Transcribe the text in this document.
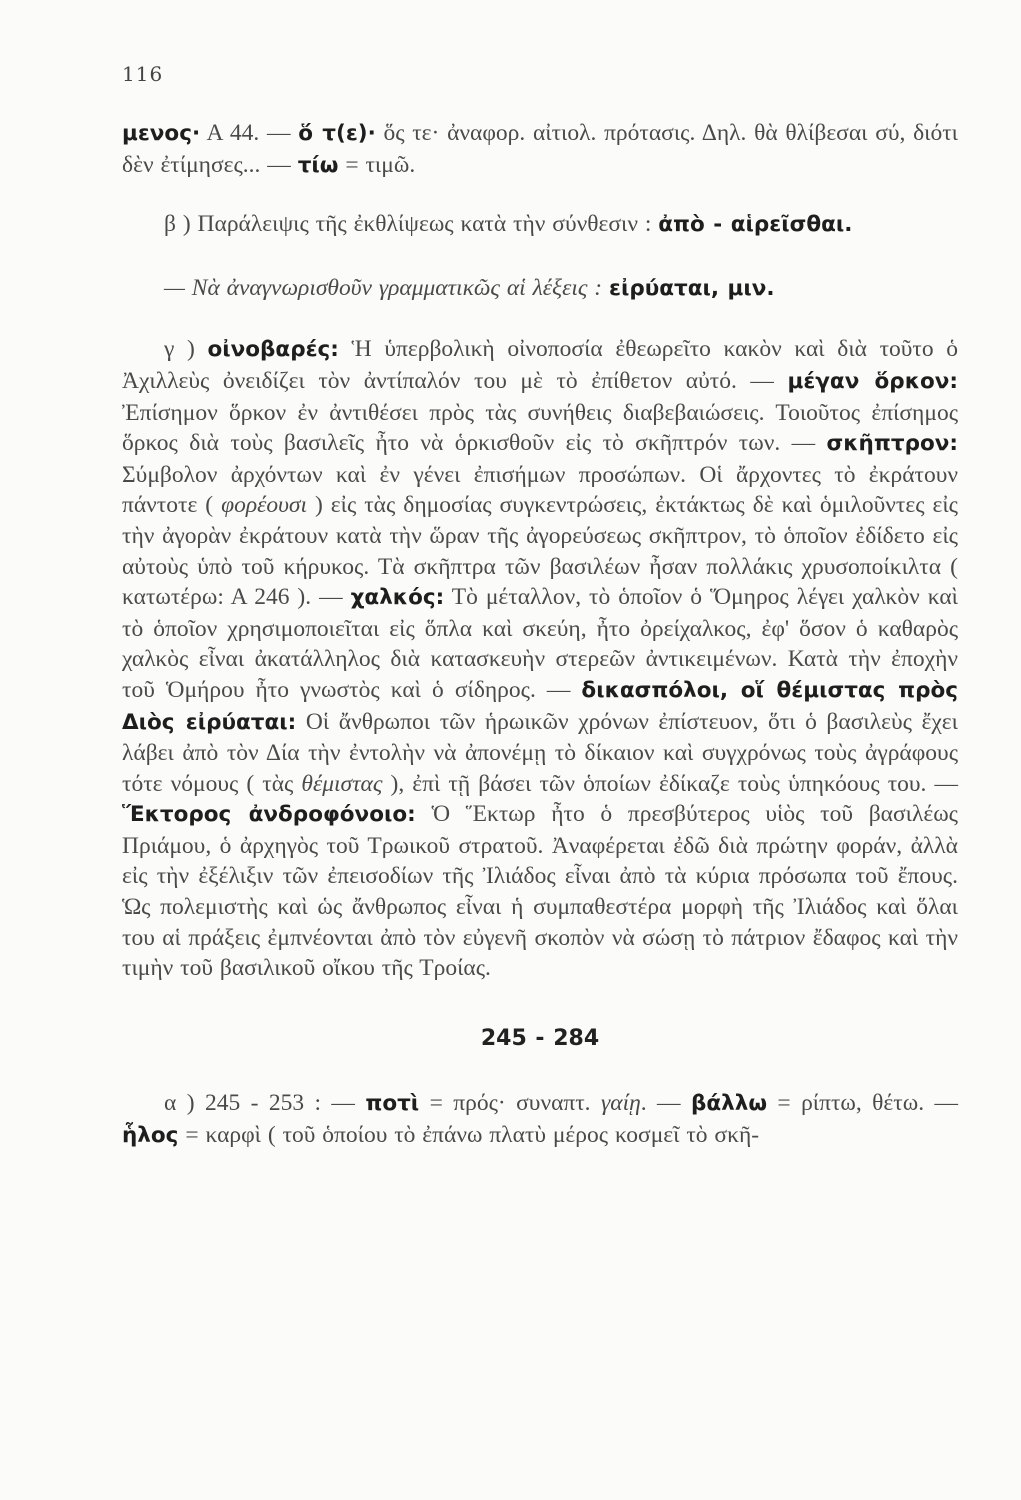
116

μενος· Α 44. — ὅ τ(ε)· ὅς τε· ἀναφορ. αἰτιολ. πρότασις. Δηλ. θὰ θλίβεσαι σύ, διότι δὲν ἐτίμησες... — τίω = τιμῶ.

β ) Παράλειψις τῆς ἐκθλίψεως κατὰ τὴν σύνθεσιν : ἀπὸ - αἱρεῖσθαι.

— Νὰ ἀναγνωρισθοῦν γραμματικῶς αἱ λέξεις : εἰρύαται, μιν.

γ ) οἰνοβαρές: Ἡ ὑπερβολικὴ οἰνοποσία ἐθεωρεῖτο κακὸν καὶ διὰ τοῦτο ὁ Ἀχιλλεὺς ὀνειδίζει τὸν ἀντίπαλόν του μὲ τὸ ἐπίθετον αὐτό. — μέγαν ὅρκον: Ἐπίσημον ὅρκον ἐν ἀντιθέσει πρὸς τὰς συνήθεις διαβεβαιώσεις. Τοιοῦτος ἐπίσημος ὅρκος διὰ τοὺς βασιλεῖς ἦτο νὰ ὁρκισθοῦν εἰς τὸ σκῆπτρόν των. — σκῆπτρον: Σύμβολον ἀρχόντων καὶ ἐν γένει ἐπισήμων προσώπων. Οἱ ἄρχοντες τὸ ἐκράτουν πάντοτε ( φορέουσι ) εἰς τὰς δημοσίας συγκεντρώσεις, ἐκτάκτως δὲ καὶ ὁμιλοῦντες εἰς τὴν ἀγορὰν ἐκράτουν κατὰ τὴν ὥραν τῆς ἀγορεύσεως σκῆπτρον, τὸ ὁποῖον ἐδίδετο εἰς αὐτοὺς ὑπὸ τοῦ κήρυκος. Τὰ σκῆπτρα τῶν βασιλέων ἦσαν πολλάκις χρυσοποίκιλτα ( κατωτέρω: Α 246 ). — χαλκός: Τὸ μέταλλον, τὸ ὁποῖον ὁ Ὅμηρος λέγει χαλκὸν καὶ τὸ ὁποῖον χρησιμοποιεῖται εἰς ὅπλα καὶ σκεύη, ἦτο ὀρείχαλκος, ἐφ' ὅσον ὁ καθαρὸς χαλκὸς εἶναι ἀκατάλληλος διὰ κατασκευὴν στερεῶν ἀντικειμένων. Κατὰ τὴν ἐποχὴν τοῦ Ὁμήρου ἦτο γνωστὸς καὶ ὁ σίδηρος. — δικασπόλοι, οἵ θέμιστας πρὸς Διὸς εἰρύαται: Οἱ ἄνθρωποι τῶν ἡρωικῶν χρόνων ἐπίστευον, ὅτι ὁ βασιλεὺς ἔχει λάβει ἀπὸ τὸν Δία τὴν ἐντολὴν νὰ ἀπονέμῃ τὸ δίκαιον καὶ συγχρόνως τοὺς ἀγράφους τότε νόμους ( τὰς θέμιστας ), ἐπὶ τῇ βάσει τῶν ὁποίων ἐδίκαζε τοὺς ὑπηκόους του. — Ἕκτορος ἀνδροφόνοιο: Ὁ Ἕκτωρ ἦτο ὁ πρεσβύτερος υἱὸς τοῦ βασιλέως Πριάμου, ὁ ἀρχηγὸς τοῦ Τρωικοῦ στρατοῦ. Ἀναφέρεται ἐδῶ διὰ πρώτην φοράν, ἀλλὰ εἰς τὴν ἐξέλιξιν τῶν ἐπεισοδίων τῆς Ἰλιάδος εἶναι ἀπὸ τὰ κύρια πρόσωπα τοῦ ἔπους. Ὡς πολεμιστὴς καὶ ὡς ἄνθρωπος εἶναι ἡ συμπαθεστέρα μορφὴ τῆς Ἰλιάδος καὶ ὅλαι του αἱ πράξεις ἐμπνέονται ἀπὸ τὸν εὐγενῆ σκοπὸν νὰ σώσῃ τὸ πάτριον ἔδαφος καὶ τὴν τιμὴν τοῦ βασιλικοῦ οἴκου τῆς Τροίας.

245 - 284

α ) 245 - 253 : — ποτὶ = πρός· συναπτ. γαίῃ. — βάλλω = ρίπτω, θέτω. — ἧλος = καρφὶ ( τοῦ ὁποίου τὸ ἐπάνω πλατὺ μέρος κοσμεῖ τὸ σκῆ-
